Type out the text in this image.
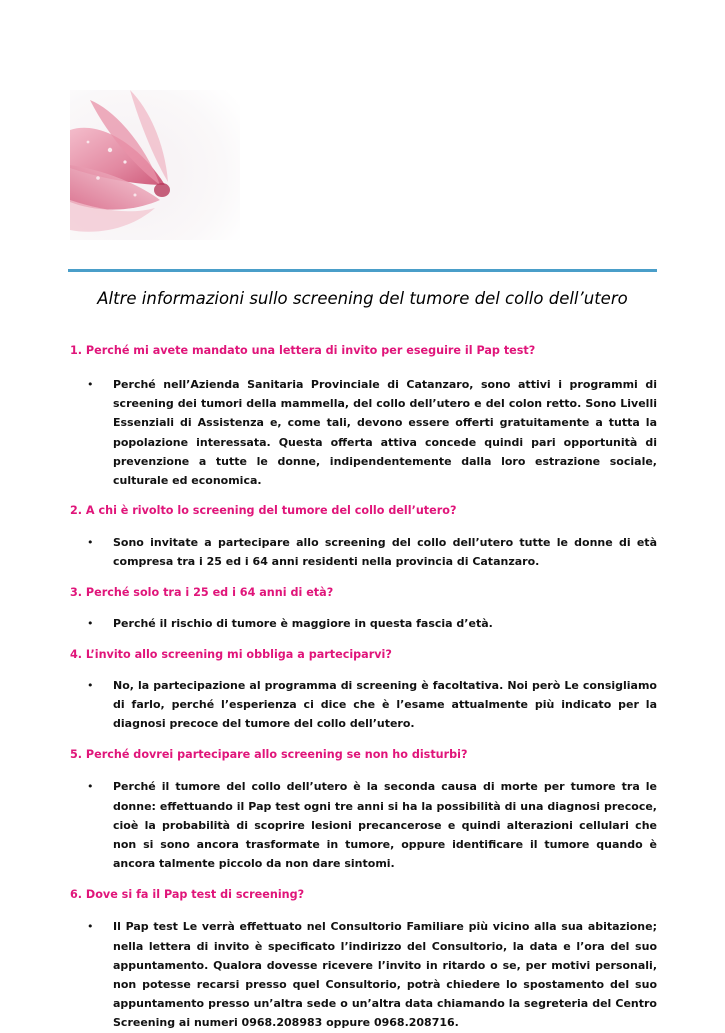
Altre informazioni sullo screening del tumore del collo dell’utero

1. Perché mi avete mandato una lettera di invito per eseguire il Pap test?

• Perché nell’Azienda Sanitaria Provinciale di Catanzaro, sono attivi i programmi di screening dei tumori della mammella, del collo dell’utero e del colon retto. Sono Livelli Essenziali di Assistenza e, come tali, devono essere offerti gratuitamente a tutta la popolazione interessata. Questa offerta attiva concede quindi pari opportunità di prevenzione a tutte le donne, indipendentemente dalla loro estrazione sociale, culturale ed economica.

2. A chi è rivolto lo screening del tumore del collo dell’utero?

• Sono invitate a partecipare allo screening del collo dell’utero tutte le donne di età compresa tra i 25 ed i 64 anni residenti nella provincia di Catanzaro.

3. Perché solo tra i 25 ed i 64 anni di età?

• Perché il rischio di tumore è maggiore in questa fascia d’età.

4. L’invito allo screening mi obbliga a parteciparvi?

• No, la partecipazione al programma di screening è facoltativa. Noi però Le consigliamo di farlo, perché l’esperienza ci dice che è l’esame attualmente più indicato per la diagnosi precoce del tumore del collo dell’utero.

5. Perché dovrei partecipare allo screening se non ho disturbi?

• Perché il tumore del collo dell’utero è la seconda causa di morte per tumore tra le donne: effettuando il Pap test ogni tre anni si ha la possibilità di una diagnosi precoce, cioè la probabilità di scoprire lesioni precancerose e quindi alterazioni cellulari che non si sono ancora trasformate in tumore, oppure identificare il tumore quando è ancora talmente piccolo da non dare sintomi.

6. Dove si fa il Pap test di screening?

• Il Pap test Le verrà effettuato nel Consultorio Familiare più vicino alla sua abitazione; nella lettera di invito è specificato l’indirizzo del Consultorio, la data e l’ora del suo appuntamento. Qualora dovesse ricevere l’invito in ritardo o se, per motivi personali, non potesse recarsi presso quel Consultorio, potrà chiedere lo spostamento del suo appuntamento presso un’altra sede o un’altra data chiamando la segreteria del Centro Screening ai numeri 0968.208983 oppure 0968.208716.
